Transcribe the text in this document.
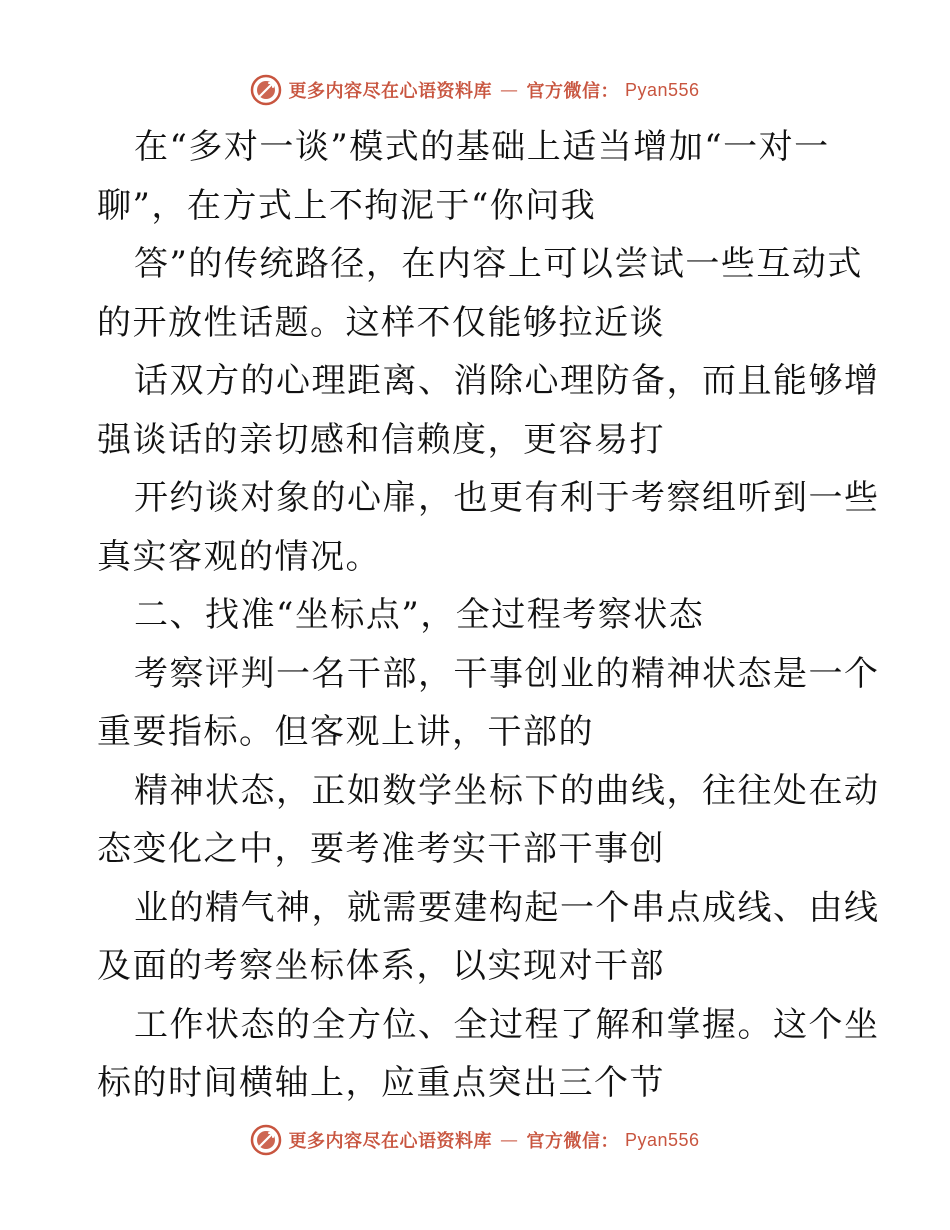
更多内容尽在心语资料库 — 官方微信： Pyan556
在“多对一谈”模式的基础上适当增加“一对一
聊”，在方式上不拘泥于“你问我
答”的传统路径，在内容上可以尝试一些互动式
的开放性话题。这样不仅能够拉近谈
话双方的心理距离、消除心理防备，而且能够增
强谈话的亲切感和信赖度，更容易打
开约谈对象的心扉，也更有利于考察组听到一些
真实客观的情况。
二、找准“坐标点”，全过程考察状态
考察评判一名干部，干事创业的精神状态是一个
重要指标。但客观上讲，干部的
精神状态，正如数学坐标下的曲线，往往处在动
态变化之中，要考准考实干部干事创
业的精气神，就需要建构起一个串点成线、由线
及面的考察坐标体系，以实现对干部
工作状态的全方位、全过程了解和掌握。这个坐
标的时间横轴上，应重点突出三个节
更多内容尽在心语资料库 — 官方微信： Pyan556
